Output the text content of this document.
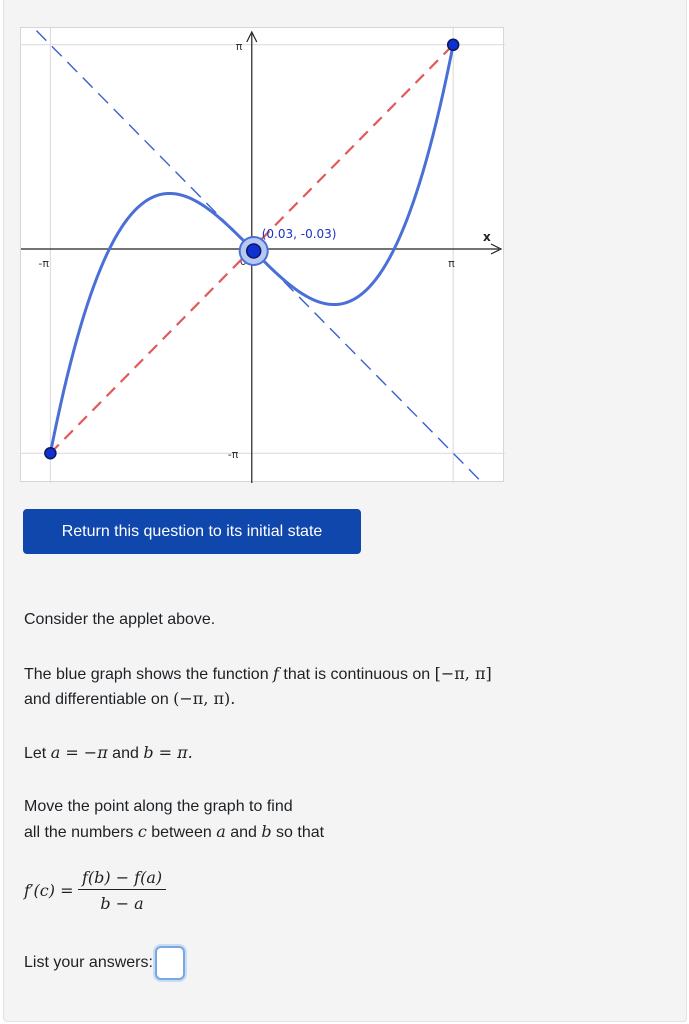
-π	π
π
-π
x
(0.03, -0.03)
Return this question to its initial state
Consider the applet above.
The blue graph shows the function f that is continuous on [−π, π]
and differentiable on (−π, π).
Let a = −π and b = π.
Move the point along the graph to find
all the numbers c between a and b so that
$f'(c) = \frac{f(b) - f(a)}{b - a}$
List your answers:
